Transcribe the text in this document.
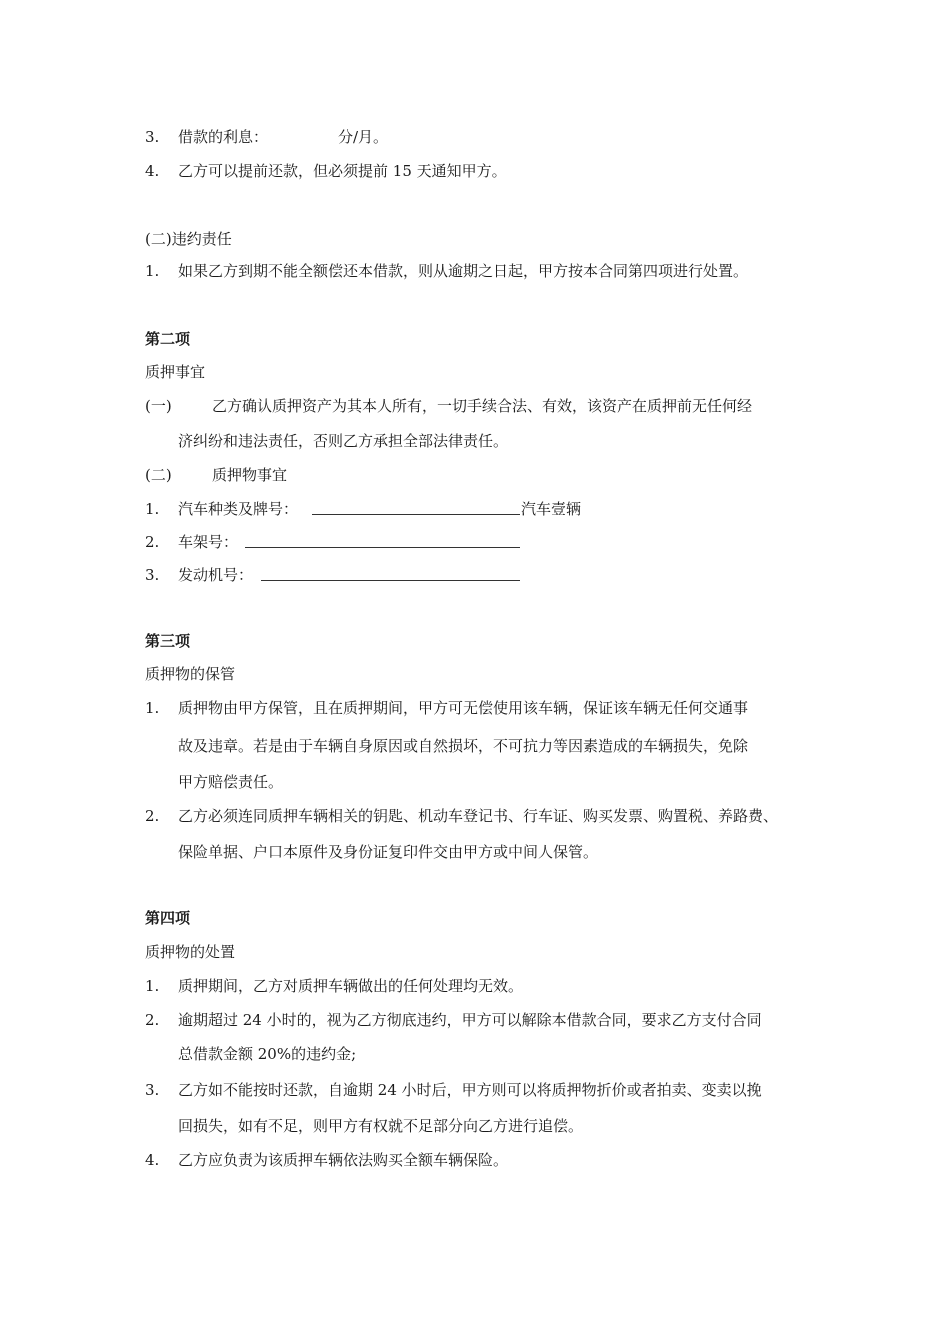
3. 借款的利息：	分/月。
4. 乙方可以提前还款，但必须提前 15 天通知甲方。
(二)违约责任
1. 如果乙方到期不能全额偿还本借款，则从逾期之日起，甲方按本合同第四项进行处置。
第二项
质押事宜
(一)	乙方确认质押资产为其本人所有，一切手续合法、有效，该资产在质押前无任何经
济纠纷和违法责任，否则乙方承担全部法律责任。
(二)	质押物事宜
1. 汽车种类及牌号：	汽车壹辆
2. 车架号：
3. 发动机号：
第三项
质押物的保管
1. 质押物由甲方保管，且在质押期间，甲方可无偿使用该车辆，保证该车辆无任何交通事
故及违章。若是由于车辆自身原因或自然损坏，不可抗力等因素造成的车辆损失，免除
甲方赔偿责任。
2. 乙方必须连同质押车辆相关的钥匙、机动车登记书、行车证、购买发票、购置税、养路费、
保险单据、户口本原件及身份证复印件交由甲方或中间人保管。
第四项
质押物的处置
1. 质押期间，乙方对质押车辆做出的任何处理均无效。
2. 逾期超过 24 小时的，视为乙方彻底违约，甲方可以解除本借款合同，要求乙方支付合同
总借款金额 20%的违约金;
3. 乙方如不能按时还款，自逾期 24 小时后，甲方则可以将质押物折价或者拍卖、变卖以挽
回损失，如有不足，则甲方有权就不足部分向乙方进行追偿。
4. 乙方应负责为该质押车辆依法购买全额车辆保险。
